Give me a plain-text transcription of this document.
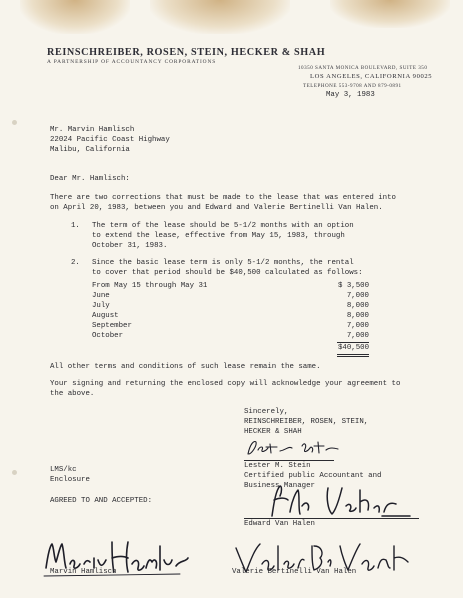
REINSCHREIBER, ROSEN, STEIN, HECKER & SHAH
A PARTNERSHIP OF ACCOUNTANCY CORPORATIONS
10350 SANTA MONICA BOULEVARD, SUITE 350
LOS ANGELES, CALIFORNIA 90025
TELEPHONE 553-9708 AND 879-0891
May 3, 1983
Mr. Marvin Hamlisch
22024 Pacific Coast Highway
Malibu, California
Dear Mr. Hamlisch:
There are two corrections that must be made to the lease that was entered into
on April 20, 1983, between you and Edward and Valerie Bertinelli Van Halen.
1. The term of the lease should be 5-1/2 months with an option
to extend the lease, effective from May 15, 1983, through
October 31, 1983.
2. Since the basic lease term is only 5-1/2 months, the rental
to cover that period should be $40,500 calculated as follows:
From May 15 through May 31	$ 3,500
June	7,000
July	8,000
August	8,000
September	7,000
October	7,000
$40,500
All other terms and conditions of such lease remain the same.
Your signing and returning the enclosed copy will acknowledge your agreement to
the above.
Sincerely,
REINSCHREIBER, ROSEN, STEIN,
HECKER & SHAH
Lester M. Stein
Certified public Accountant and
Business Manager
LMS/kc
Enclosure
AGREED TO AND ACCEPTED:
Edward Van Halen
Marvin Hamlisch	Valerie Bertinelli Van Halen
